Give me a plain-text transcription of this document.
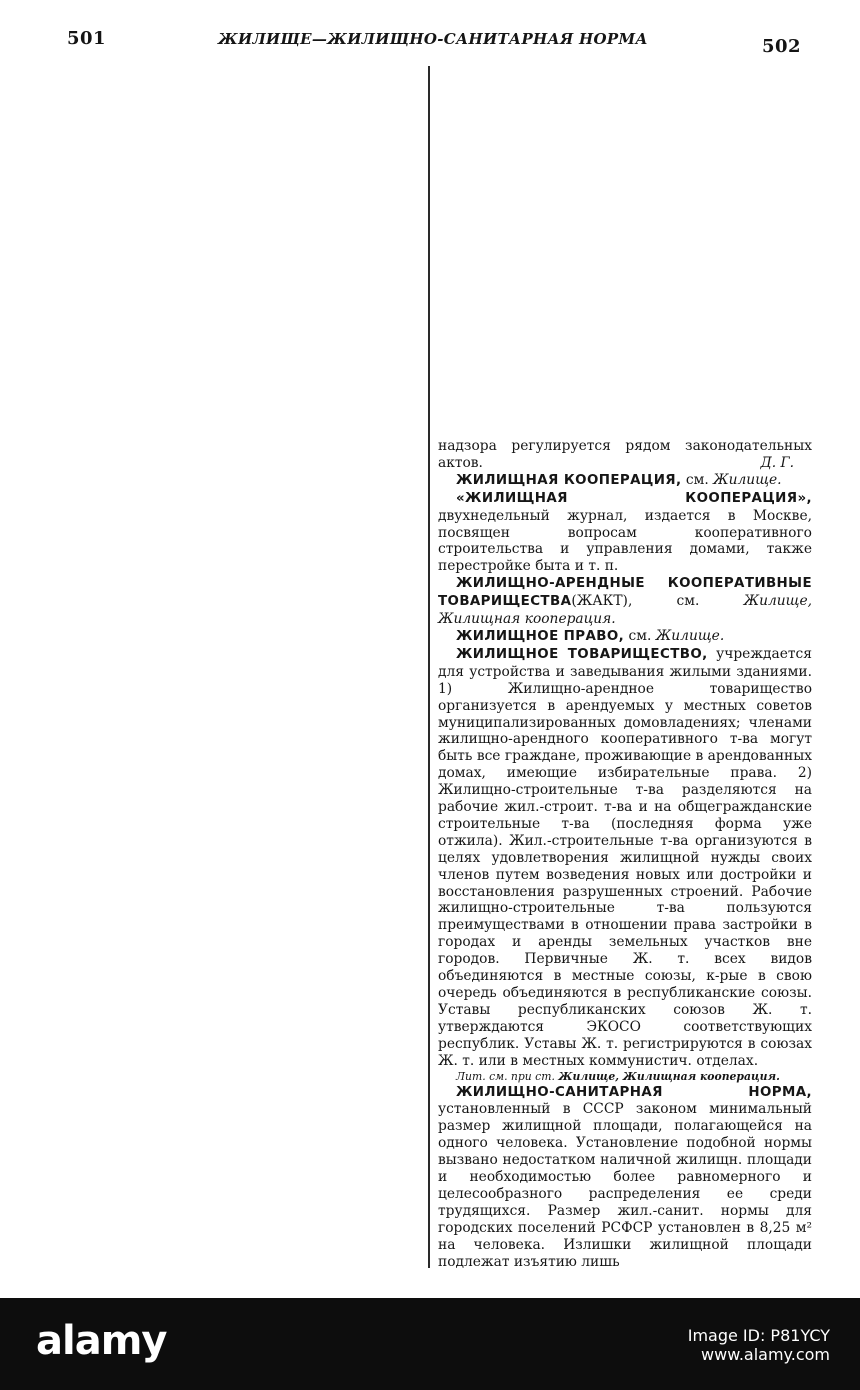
501	ЖИЛИЩЕ—ЖИЛИЩНО-САНИТАРНАЯ НОРМА	502

надзора регулируется рядом законодательных актов.	Д. Г.

ЖИЛИЩНАЯ КООПЕРАЦИЯ, см. Жилище.

«ЖИЛИЩНАЯ КООПЕРАЦИЯ», двухнедельный журнал, издается в Москве, посвящен вопросам кооперативного строительства и управления домами, также перестройке быта и т. п.

ЖИЛИЩНО-АРЕНДНЫЕ КООПЕРАТИВНЫЕ ТОВАРИЩЕСТВА(ЖАКТ),	см.	Жилище, Жилищная кооперация.

ЖИЛИЩНОЕ ПРАВО, см. Жилище.

ЖИЛИЩНОЕ ТОВАРИЩЕСТВО, учреждается для устройства и заведывания жилыми зданиями. 1) Жилищно-арендное товарищество организуется в арендуемых у местных советов муниципализированных домовладениях; членами жилищно-арендного кооперативного т-ва могут быть все граждане, проживающие в арендованных домах, имеющие избирательные права. 2) Жилищно-строительные т-ва разделяются на рабочие жил.-строит. т-ва и на общегражданские строительные т-ва (последняя форма уже отжила). Жил.-строительные т-ва организуются в целях удовлетворения жилищной нужды своих членов путем возведения новых или достройки и восстановления разрушенных строений. Рабочие жилищно-строительные т-ва пользуются преимуществами в отношении права застройки в городах и аренды земельных участков вне городов. Первичные Ж. т. всех видов объединяются в местные союзы, к-рые в свою очередь объединяются в республиканские союзы. Уставы республиканских союзов Ж. т. утверждаются ЭКОСО соответствующих республик. Уставы Ж. т. регистрируются в союзах Ж. т. или в местных коммунистич. отделах.

Лит. см. при ст. Жилище, Жилищная кооперация.

ЖИЛИЩНО-САНИТАРНАЯ НОРМА, установленный в СССР законом минимальный размер жилищной площади, полагающейся на одного человека. Установление подобной нормы вызвано недостатком наличной жилищн. площади и необходимостью более равномерного и целесообразного распределения ее среди трудящихся. Размер жил.-санит. нормы для городских поселений РСФСР установлен в 8,25 м² на человека. Излишки жилищной площади подлежат изъятию лишь

alamy	Image ID: P81YCY
www.alamy.com
